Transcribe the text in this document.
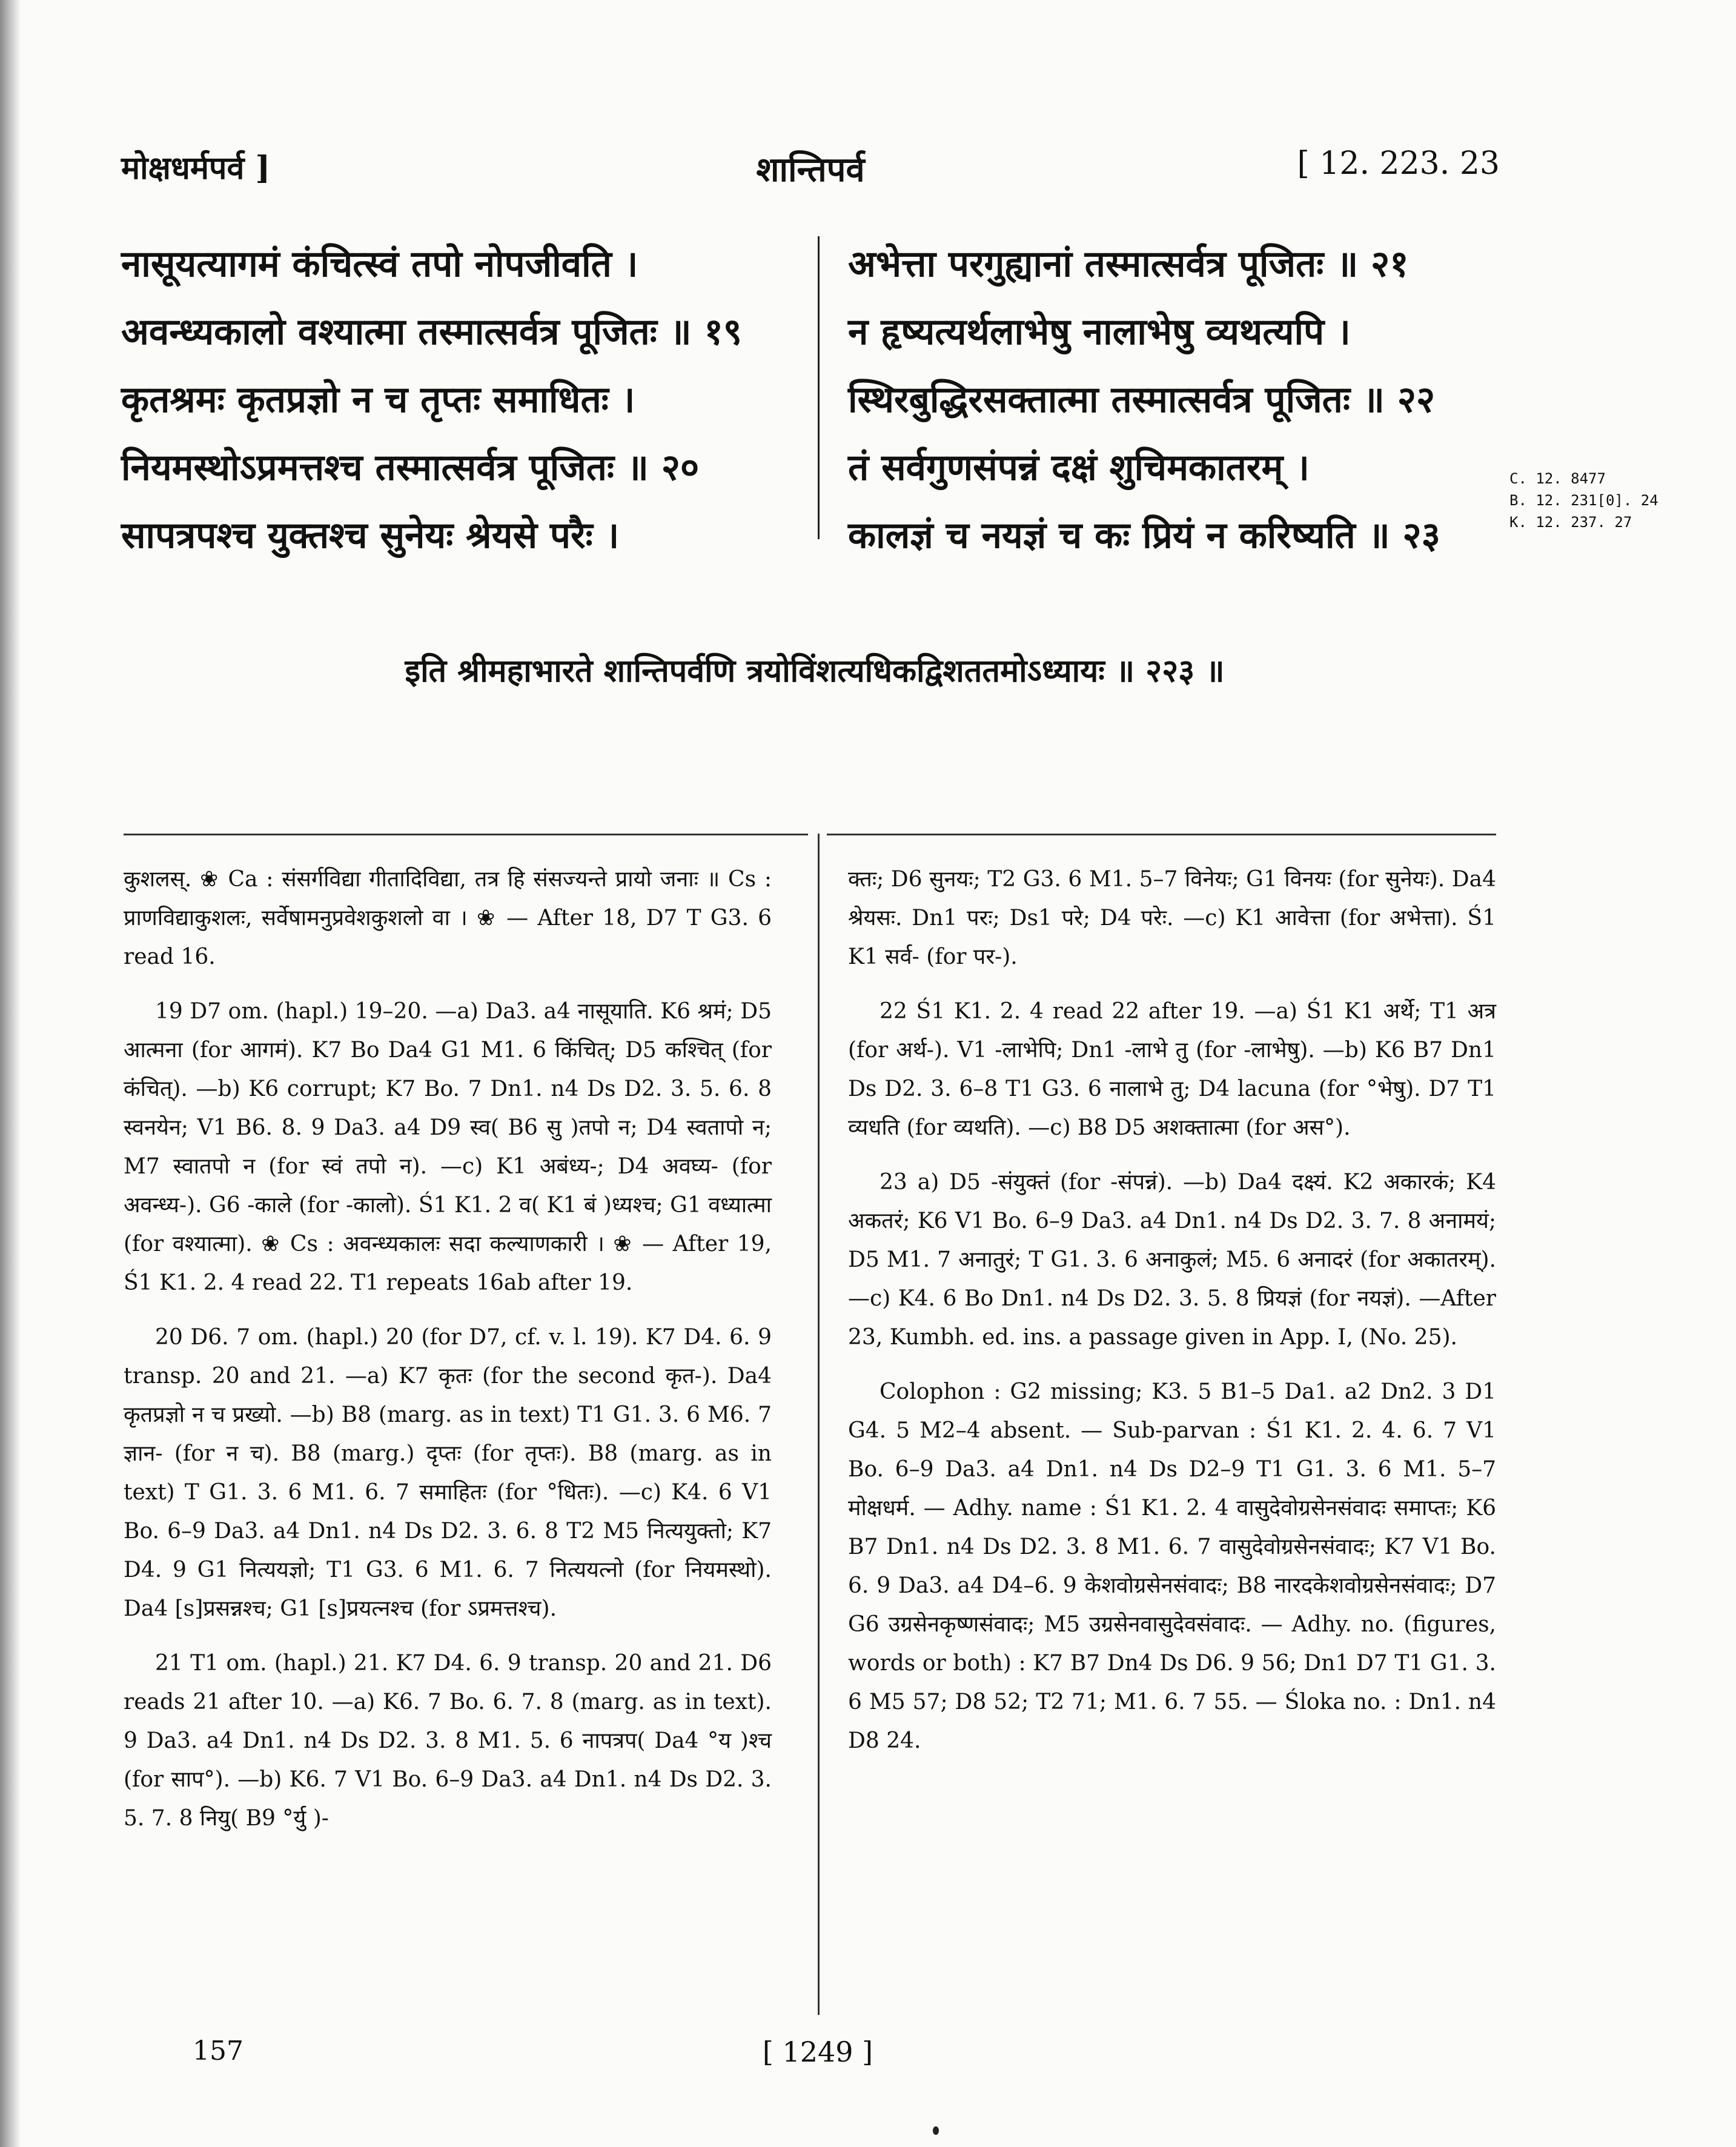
मोक्षधर्मपर्व ]	शान्तिपर्व	[ 12. 223. 23
नासूयत्यागमं कंचित्स्वं तपो नोपजीवति ।
अवन्ध्यकालो वश्यात्मा तस्मात्सर्वत्र पूजितः ॥ १९
कृतश्रमः कृतप्रज्ञो न च तृप्तः समाधितः ।
नियमस्थोऽप्रमत्तश्च तस्मात्सर्वत्र पूजितः ॥ २०
सापत्रपश्च युक्तश्च सुनेयः श्रेयसे परैः ।
अभेत्ता परगुह्यानां तस्मात्सर्वत्र पूजितः ॥ २१
न हृष्यत्यर्थलाभेषु नालाभेषु व्यथत्यपि ।
स्थिरबुद्धिरसक्तात्मा तस्मात्सर्वत्र पूजितः ॥ २२
तं सर्वगुणसंपन्नं दक्षं शुचिमकातरम् ।
कालज्ञं च नयज्ञं च कः प्रियं न करिष्यति ॥ २३
C. 12. 8477
B. 12. 231[0]. 24
K. 12. 237. 27
इति श्रीमहाभारते शान्तिपर्वणि त्रयोविंशत्यधिकद्विशततमोऽध्यायः ॥ २२३ ॥

कुशलस्. ❀ Ca : संसर्गविद्या गीतादिविद्या, तत्र हि संसज्यन्ते प्रायो जनाः ॥ Cs : प्राणविद्याकुशलः, सर्वेषामनुप्रवेशकुशलो वा । ❀ — After 18, D7 T G3. 6 read 16.

19 D7 om. (hapl.) 19–20. —a) Da3. a4 नासूयाति. K6 श्रमं; D5 आत्मना (for आगमं). K7 Bo Da4 G1 M1. 6 किंचित्; D5 कश्चित् (for कंचित्). —b) K6 corrupt; K7 Bo. 7 Dn1. n4 Ds D2. 3. 5. 6. 8 स्वनयेन; V1 B6. 8. 9 Da3. a4 D9 स्व( B6 सु )तपो न; D4 स्वतापो न; M7 स्वातपो न (for स्वं तपो न). —c) K1 अबंध्य-; D4 अवघ्य- (for अवन्ध्य-). G6 -काले (for -कालो). Ś1 K1. 2 व( K1 बं )ध्यश्च; G1 वध्यात्मा (for वश्यात्मा). ❀ Cs : अवन्ध्यकालः सदा कल्याणकारी । ❀ — After 19, Ś1 K1. 2. 4 read 22. T1 repeats 16ab after 19.

20 D6. 7 om. (hapl.) 20 (for D7, cf. v. l. 19). K7 D4. 6. 9 transp. 20 and 21. —a) K7 कृतः (for the second कृत-). Da4 कृतप्रज्ञो न च प्रख्यो. —b) B8 (marg. as in text) T1 G1. 3. 6 M6. 7 ज्ञान- (for न च). B8 (marg.) दृप्तः (for तृप्तः). B8 (marg. as in text) T G1. 3. 6 M1. 6. 7 समाहितः (for °धितः). —c) K4. 6 V1 Bo. 6–9 Da3. a4 Dn1. n4 Ds D2. 3. 6. 8 T2 M5 नित्ययुक्तो; K7 D4. 9 G1 नित्ययज्ञो; T1 G3. 6 M1. 6. 7 नित्ययत्नो (for नियमस्थो). Da4 [s]प्रसन्नश्च; G1 [s]प्रयत्नश्च (for ऽप्रमत्तश्च).

21 T1 om. (hapl.) 21. K7 D4. 6. 9 transp. 20 and 21. D6 reads 21 after 10. —a) K6. 7 Bo. 6. 7. 8 (marg. as in text). 9 Da3. a4 Dn1. n4 Ds D2. 3. 8 M1. 5. 6 नापत्रप( Da4 °य )श्च (for साप°). —b) K6. 7 V1 Bo. 6–9 Da3. a4 Dn1. n4 Ds D2. 3. 5. 7. 8 नियु( B9 °र्यु )-

क्तः; D6 सुनयः; T2 G3. 6 M1. 5–7 विनेयः; G1 विनयः (for सुनेयः). Da4 श्रेयसः. Dn1 परः; Ds1 परे; D4 परेः. —c) K1 आवेत्ता (for अभेत्ता). Ś1 K1 सर्व- (for पर-).

22 Ś1 K1. 2. 4 read 22 after 19. —a) Ś1 K1 अर्थे; T1 अत्र (for अर्थ-). V1 -लाभेपि; Dn1 -लाभे तु (for -लाभेषु). —b) K6 B7 Dn1 Ds D2. 3. 6–8 T1 G3. 6 नालाभे तु; D4 lacuna (for °भेषु). D7 T1 व्यधति (for व्यथति). —c) B8 D5 अशक्तात्मा (for अस°).

23 a) D5 -संयुक्तं (for -संपन्नं). —b) Da4 दक्ष्यं. K2 अकारकं; K4 अकतरं; K6 V1 Bo. 6–9 Da3. a4 Dn1. n4 Ds D2. 3. 7. 8 अनामयं; D5 M1. 7 अनातुरं; T G1. 3. 6 अनाकुलं; M5. 6 अनादरं (for अकातरम्). —c) K4. 6 Bo Dn1. n4 Ds D2. 3. 5. 8 प्रियज्ञं (for नयज्ञं). —After 23, Kumbh. ed. ins. a passage given in App. I, (No. 25).

Colophon : G2 missing; K3. 5 B1–5 Da1. a2 Dn2. 3 D1 G4. 5 M2–4 absent. — Sub-parvan : Ś1 K1. 2. 4. 6. 7 V1 Bo. 6–9 Da3. a4 Dn1. n4 Ds D2–9 T1 G1. 3. 6 M1. 5–7 मोक्षधर्म. — Adhy. name : Ś1 K1. 2. 4 वासुदेवोग्रसेनसंवादः समाप्तः; K6 B7 Dn1. n4 Ds D2. 3. 8 M1. 6. 7 वासुदेवोग्रसेनसंवादः; K7 V1 Bo. 6. 9 Da3. a4 D4–6. 9 केशवोग्रसेनसंवादः; B8 नारदकेशवोग्रसेनसंवादः; D7 G6 उग्रसेनकृष्णसंवादः; M5 उग्रसेनवासुदेवसंवादः. — Adhy. no. (figures, words or both) : K7 B7 Dn4 Ds D6. 9 56; Dn1 D7 T1 G1. 3. 6 M5 57; D8 52; T2 71; M1. 6. 7 55. — Śloka no. : Dn1. n4 D8 24.

157	[ 1249 ]
